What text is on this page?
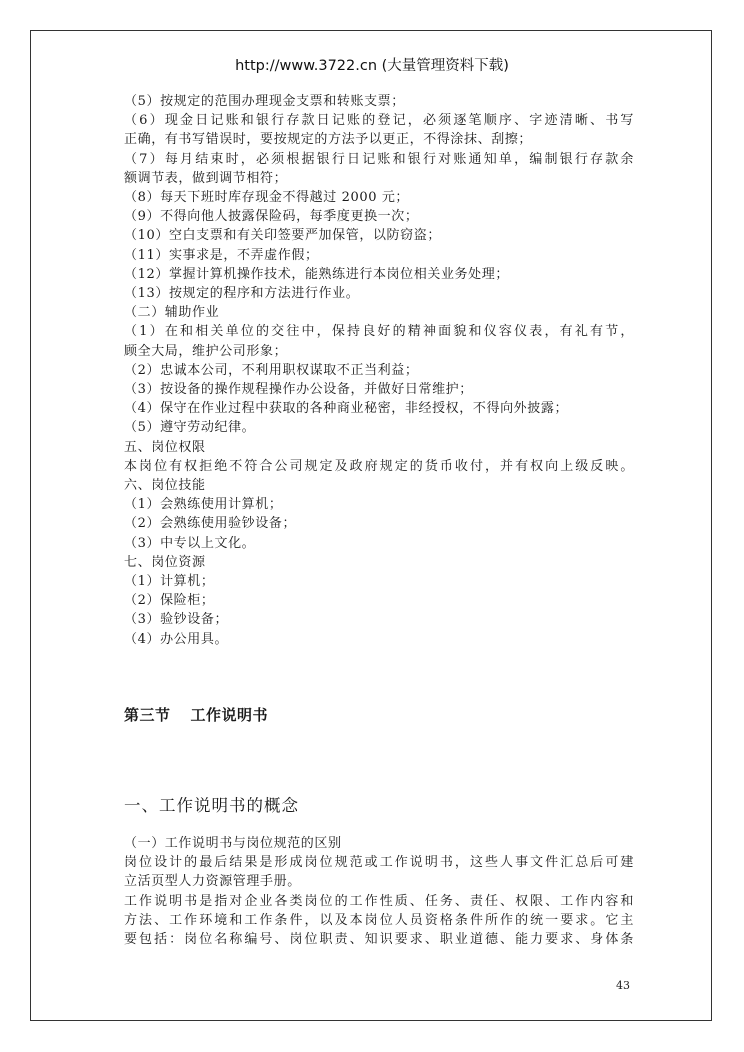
http://www.3722.cn (大量管理资料下载)
（5）按规定的范围办理现金支票和转账支票；
（6）现金日记账和银行存款日记账的登记，必须逐笔顺序、字迹清晰、书写
正确，有书写错误时，要按规定的方法予以更正，不得涂抹、刮擦；
（7）每月结束时，必须根据银行日记账和银行对账通知单，编制银行存款余
额调节表，做到调节相符；
（8）每天下班时库存现金不得越过 2000 元；
（9）不得向他人披露保险码，每季度更换一次；
（10）空白支票和有关印签要严加保管，以防窃盗；
（11）实事求是，不弄虚作假；
（12）掌握计算机操作技术，能熟练进行本岗位相关业务处理；
（13）按规定的程序和方法进行作业。
（二）辅助作业
（1）在和相关单位的交往中，保持良好的精神面貌和仪容仪表，有礼有节，
顾全大局，维护公司形象；
（2）忠诚本公司，不利用职权谋取不正当利益；
（3）按设备的操作规程操作办公设备，并做好日常维护；
（4）保守在作业过程中获取的各种商业秘密，非经授权，不得向外披露；
（5）遵守劳动纪律。
五、岗位权限
本岗位有权拒绝不符合公司规定及政府规定的货币收付，并有权向上级反映。
六、岗位技能
（1）会熟练使用计算机；
（2）会熟练使用验钞设备；
（3）中专以上文化。
七、岗位资源
（1）计算机；
（2）保险柜；
（3）验钞设备；
（4）办公用具。
第三节 工作说明书
一、工作说明书的概念
（一）工作说明书与岗位规范的区别
岗位设计的最后结果是形成岗位规范或工作说明书，这些人事文件汇总后可建
立活页型人力资源管理手册。
工作说明书是指对企业各类岗位的工作性质、任务、责任、权限、工作内容和
方法、工作环境和工作条件，以及本岗位人员资格条件所作的统一要求。它主
要包括：岗位名称编号、岗位职责、知识要求、职业道德、能力要求、身体条
43
